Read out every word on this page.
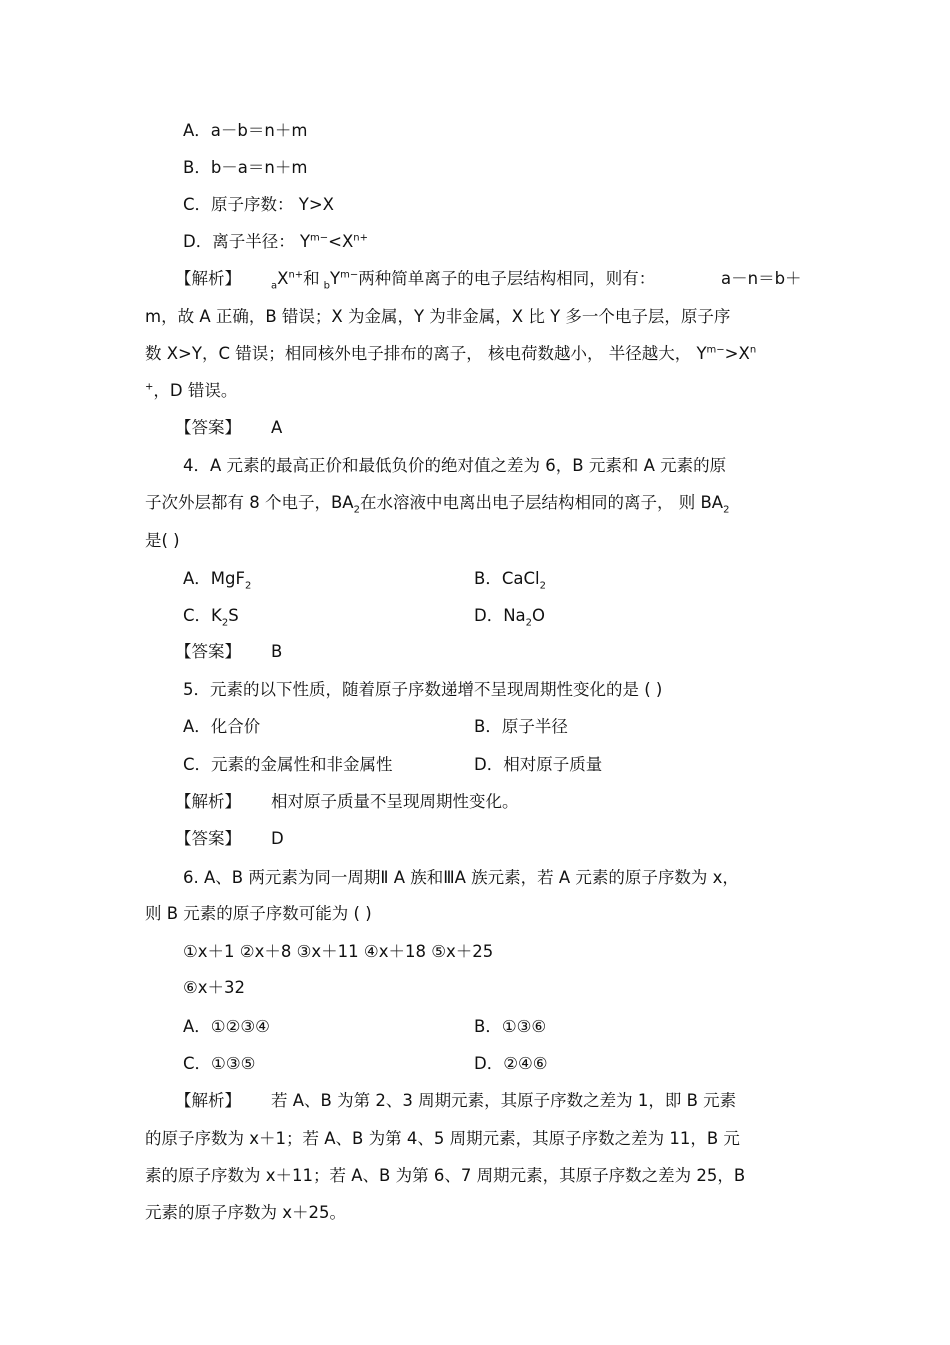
A．a－b＝n＋m
B．b－a＝n＋m
C．原子序数： Y>X
D．离子半径： $Y^{m-}<X^{n+}$
【解析】	$_aX^{n+}$和 $_bY^{m-}$两种简单离子的电子层结构相同，则有：	a－n＝b＋
m，故 A 正确，B 错误；X 为金属，Y 为非金属，X 比 Y 多一个电子层，原子序
数 X>Y，C 错误；相同核外电子排布的离子， 核电荷数越小， 半径越大， $Y^{m-}>X^n$
+，D 错误。
【答案】 A
4．A 元素的最高正价和最低负价的绝对值之差为 6，B 元素和 A 元素的原
子次外层都有 8 个电子，$BA_2$在水溶液中电离出电子层结构相同的离子， 则 $BA_2$
是( )
A．MgF$_2$	B．CaCl$_2$
C．$K_2S$	D．$Na_2O$
【答案】 B
5．元素的以下性质，随着原子序数递增不呈现周期性变化的是 ( )
A．化合价	B．原子半径
C．元素的金属性和非金属性	D．相对原子质量
【解析】 相对原子质量不呈现周期性变化。
【答案】 D
6. A、B 两元素为同一周期Ⅱ A 族和ⅢA 族元素，若 A 元素的原子序数为 x，
则 B 元素的原子序数可能为 ( )
①x＋1 ②x＋8 ③x＋11 ④x＋18 ⑤x＋25
⑥x＋32
A．①②③④	B．①③⑥
C．①③⑤	D．②④⑥
【解析】 若 A、B 为第 2、3 周期元素，其原子序数之差为 1，即 B 元素
的原子序数为 x＋1；若 A、B 为第 4、5 周期元素，其原子序数之差为 11，B 元
素的原子序数为 x＋11；若 A、B 为第 6、7 周期元素，其原子序数之差为 25，B
元素的原子序数为 x＋25。
